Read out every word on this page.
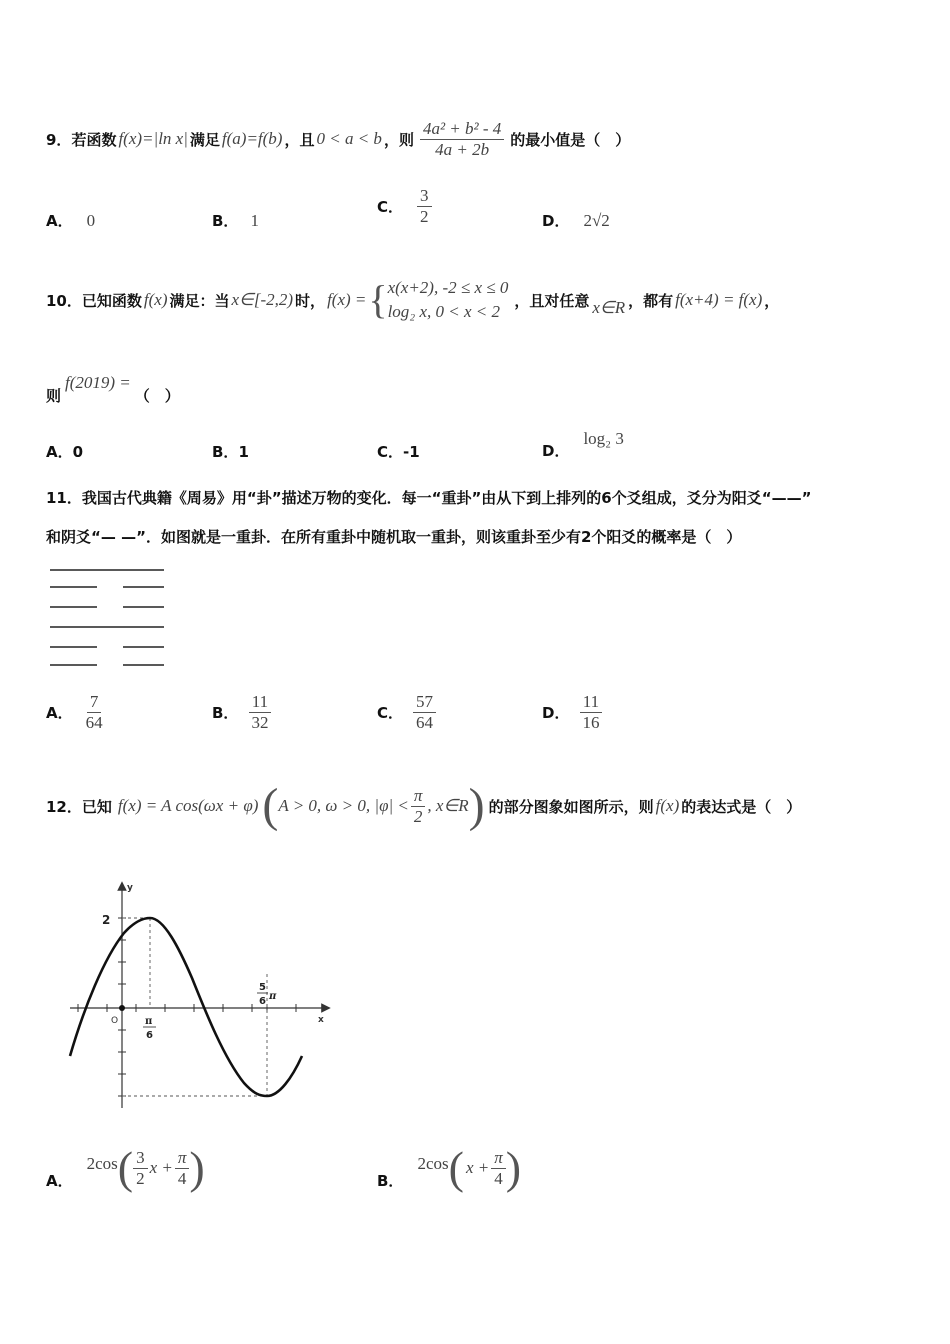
9． 若函数 f(x)=|ln x| 满足 f(a)=f(b) ，且 0 < a < b ，则 $\frac{\text{4a² + b² - 4}}{4a + 2b}$ 的最小值是（　）
A． 0	B． 1
C． $\frac{3}{2}$	D． 2√2
10． 已知函数 f(x) 满足：当 x∈[-2,2) 时， f(x) = { x(x+2), -2 ≤ x ≤ 0
log₂ x, 0 < x < 2
，且对任意 x∈R ，都有 f(x+4) = f(x) ，
则
f(2019) =
（　）
A．0	B．1	C．-1	D．
log₂ 3
11．我国古代典籍《周易》用“卦”描述万物的变化．每一“重卦”由从下到上排列的6个爻组成，爻分为阳爻“——”
和阴爻“— —”．如图就是一重卦．在所有重卦中随机取一重卦，则该重卦至少有2个阳爻的概率是（　）
A． $\frac{7}{64}$	B． $\frac{11}{32}$	C． $\frac{57}{64}$	D． $\frac{11}{16}$
12． 已知 f(x) = A cos(ωx + φ) ( A > 0, ω > 0, $|\varphi| < \frac{\pi}{2}$ , x∈R ) 的部分图象如图所示，则 f(x) 的表达式是（　）
y
x
O
2
π
6
5
6 π
A．
2cos ( $\frac{3}{2}$ $x + \frac{\pi}{4}$ )	B．
2cos ( $x + \frac{\pi}{4}$ )
